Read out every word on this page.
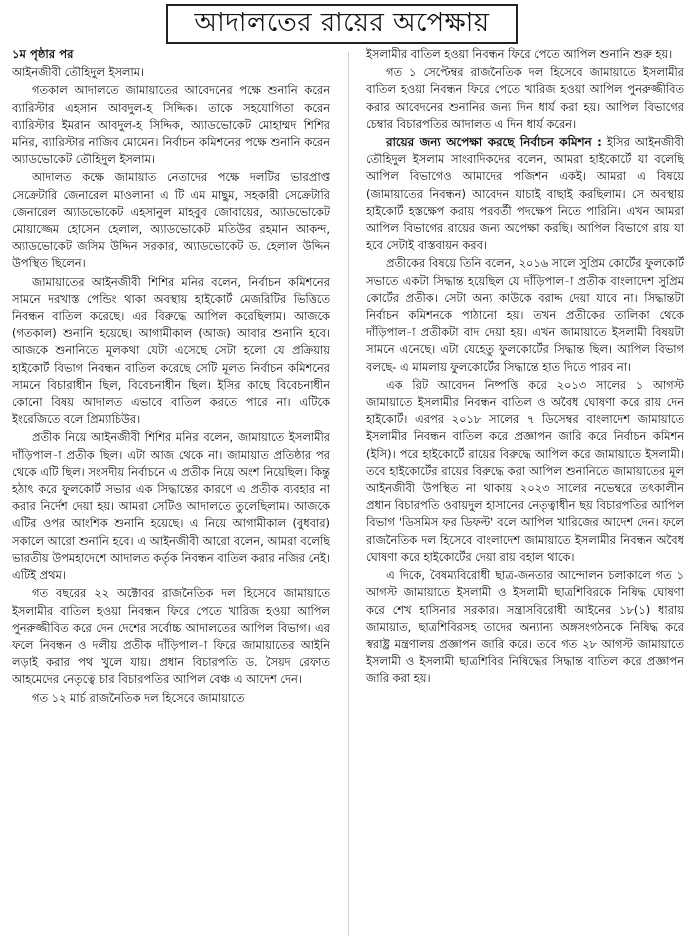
আদালতের রায়ের অপেক্ষায়

১ম পৃষ্ঠার পর

আইনজীবী তৌহিদুল ইসলাম।

গতকাল আদালতে জামায়াতের আবেদনের পক্ষে শুনানি করেন ব্যারিস্টার এহসান আবদুল-হ সিদ্দিক। তাকে সহযোগিতা করেন ব্যারিস্টার ইমরান আবদুল-হ সিদ্দিক, অ্যাডভোকেট মোহাম্মদ শিশির মনির, ব্যারিস্টার নাজিব মোমেন। নির্বাচন কমিশনের পক্ষে শুনানি করেন অ্যাডভোকেট তৌহিদুল ইসলাম।

আদালত কক্ষে জামায়াত নেতাদের পক্ষে দলটির ভারপ্রাপ্ত সেক্রেটারি জেনারেল মাওলানা এ টি এম মাছুম, সহকারী সেক্রেটারি জেনারেল অ্যাডভোকেট এহসানুল মাহবুব জোবায়ের, অ্যাডভোকেট মোয়াজ্জেম হোসেন হেলাল, অ্যাডভোকেট মতিউর রহমান আকন্দ, অ্যাডভোকেট জসিম উদ্দিন সরকার, অ্যাডভোকেট ড. হেলাল উদ্দিন উপস্থিত ছিলেন।

জামায়াতের আইনজীবী শিশির মনির বলেন, নির্বাচন কমিশনের সামনে দরখাস্ত পেন্ডিং থাকা অবস্থায় হাইকোর্ট মেজরিটির ভিত্তিতে নিবন্ধন বাতিল করেছে। এর বিরুদ্ধে আপিল করেছিলাম। আজকে (গতকাল) শুনানি হয়েছে। আগামীকাল (আজ) আবার শুনানি হবে। আজকে শুনানিতে মূলকথা যেটা এসেছে সেটা হলো যে প্রক্রিয়ায় হাইকোর্ট বিভাগ নিবন্ধন বাতিল করেছে সেটি মূলত নির্বাচন কমিশনের সামনে বিচারাধীন ছিল, বিবেচনাধীন ছিল। ইসির কাছে বিবেচনাধীন কোনো বিষয় আদালত এভাবে বাতিল করতে পারে না। এটিকে ইংরেজিতে বলে প্রিম্যাচিউর।

প্রতীক নিয়ে আইনজীবী শিশির মনির বলেন, জামায়াতে ইসলামীর দাঁড়িপাল-া প্রতীক ছিল। এটা আজ থেকে না। জামায়াত প্রতিষ্ঠার পর থেকে এটি ছিল। সংসদীয় নির্বাচনে এ প্রতীক নিয়ে অংশ নিয়েছিল। কিন্তু হঠাৎ করে ফুলকোর্ট সভার এক সিদ্ধান্তের কারণে এ প্রতীক ব্যবহার না করার নির্দেশ দেয়া হয়। আমরা সেটিও আদালতে তুলেছিলাম। আজকে এটির ওপর আংশিক শুনানি হয়েছে। এ নিয়ে আগামীকাল (বুধবার) সকালে আরো শুনানি হবে। এ আইনজীবী আরো বলেন, আমরা বলেছি ভারতীয় উপমহাদেশে আদালত কর্তৃক নিবন্ধন বাতিল করার নজির নেই। এটিই প্রথম।

গত বছরের ২২ অক্টোবর রাজনৈতিক দল হিসেবে জামায়াতে ইসলামীর বাতিল হওয়া নিবন্ধন ফিরে পেতে খারিজ হওয়া আপিল পুনরুজ্জীবিত করে দেন দেশের সর্বোচ্চ আদালতের আপিল বিভাগ। এর ফলে নিবন্ধন ও দলীয় প্রতীক দাঁড়িপাল-া ফিরে জামায়াতের আইনি লড়াই করার পথ খুলে যায়। প্রধান বিচারপতি ড. সৈয়দ রেফাত আহমেদের নেতৃত্বে চার বিচারপতির আপিল বেঞ্চ এ আদেশ দেন।

গত ১২ মার্চ রাজনৈতিক দল হিসেবে জামায়াতে

ইসলামীর বাতিল হওয়া নিবন্ধন ফিরে পেতে আপিল শুনানি শুরু হয়।

গত ১ সেপ্টেম্বর রাজনৈতিক দল হিসেবে জামায়াতে ইসলামীর বাতিল হওয়া নিবন্ধন ফিরে পেতে খারিজ হওয়া আপিল পুনরুজ্জীবিত করার আবেদনের শুনানির জন্য দিন ধার্য করা হয়। আপিল বিভাগের চেম্বার বিচারপতির আদালত এ দিন ধার্য করেন।

রায়ের জন্য অপেক্ষা করছে নির্বাচন কমিশন : ইসির আইনজীবী তৌহিদুল ইসলাম সাংবাদিকদের বলেন, আমরা হাইকোর্টে যা বলেছি আপিল বিভাগেও আমাদের পজিশন একই। আমরা এ বিষয়ে (জামায়াতের নিবন্ধন) আবেদন যাচাই বাছাই করছিলাম। সে অবস্থায় হাইকোর্ট হস্তক্ষেপ করায় পরবর্তী পদক্ষেপ নিতে পারিনি। এখন আমরা আপিল বিভাগের রায়ের জন্য অপেক্ষা করছি। আপিল বিভাগে রায় যা হবে সেটাই বাস্তবায়ন করব।

প্রতীকের বিষয়ে তিনি বলেন, ২০১৬ সালে সুপ্রিম কোর্টের ফুলকোর্ট সভাতে একটা সিদ্ধান্ত হয়েছিল যে দাঁড়িপাল-া প্রতীক বাংলাদেশ সুপ্রিম কোর্টের প্রতীক। সেটা অন্য কাউকে বরাদ্দ দেয়া যাবে না। সিদ্ধান্তটা নির্বাচন কমিশনকে পাঠানো হয়। তখন প্রতীকের তালিকা থেকে দাঁড়িপাল-া প্রতীকটা বাদ দেয়া হয়। এখন জামায়াতে ইসলামী বিষয়টা সামনে এনেছে। এটা যেহেতু ফুলকোর্টের সিদ্ধান্ত ছিল। আপিল বিভাগ বলছে- এ মামলায় ফুলকোর্টের সিদ্ধান্তে হাত দিতে পারব না।

এক রিট আবেদন নিষ্পত্তি করে ২০১৩ সালের ১ আগস্ট জামায়াতে ইসলামীর নিবন্ধন বাতিল ও অবৈধ ঘোষণা করে রায় দেন হাইকোর্ট। এরপর ২০১৮ সালের ৭ ডিসেম্বর বাংলাদেশ জামায়াতে ইসলামীর নিবন্ধন বাতিল করে প্রজ্ঞাপন জারি করে নির্বাচন কমিশন (ইসি)। পরে হাইকোর্টে রায়ের বিরুদ্ধে আপিল করে জামায়াতে ইসলামী। তবে হাইকোর্টের রায়ের বিরুদ্ধে করা আপিল শুনানিতে জামায়াতের মূল আইনজীবী উপস্থিত না থাকায় ২০২৩ সালের নভেম্বরে তৎকালীন প্রধান বিচারপতি ওবায়দুল হাসানের নেতৃত্বাধীন ছয় বিচারপতির আপিল বিভাগ 'ডিসমিস ফর ডিফল্ট' বলে আপিল খারিজের আদেশ দেন। ফলে রাজনৈতিক দল হিসেবে বাংলাদেশ জামায়াতে ইসলামীর নিবন্ধন অবৈধ ঘোষণা করে হাইকোর্টের দেয়া রায় বহাল থাকে।

এ দিকে, বৈষম্যবিরোধী ছাত্র-জনতার আন্দোলন চলাকালে গত ১ আগস্ট জামায়াতে ইসলামী ও ইসলামী ছাত্রশিবিরকে নিষিদ্ধ ঘোষণা করে শেখ হাসিনার সরকার। সন্ত্রাসবিরোধী আইনের ১৮(১) ধারায় জামায়াত, ছাত্রশিবিরসহ তাদের অন্যান্য অঙ্গসংগঠনকে নিষিদ্ধ করে স্বরাষ্ট্র মন্ত্রণালয় প্রজ্ঞাপন জারি করে। তবে গত ২৮ আগস্ট জামায়াতে ইসলামী ও ইসলামী ছাত্রশিবির নিষিদ্ধের সিদ্ধান্ত বাতিল করে প্রজ্ঞাপন জারি করা হয়।
